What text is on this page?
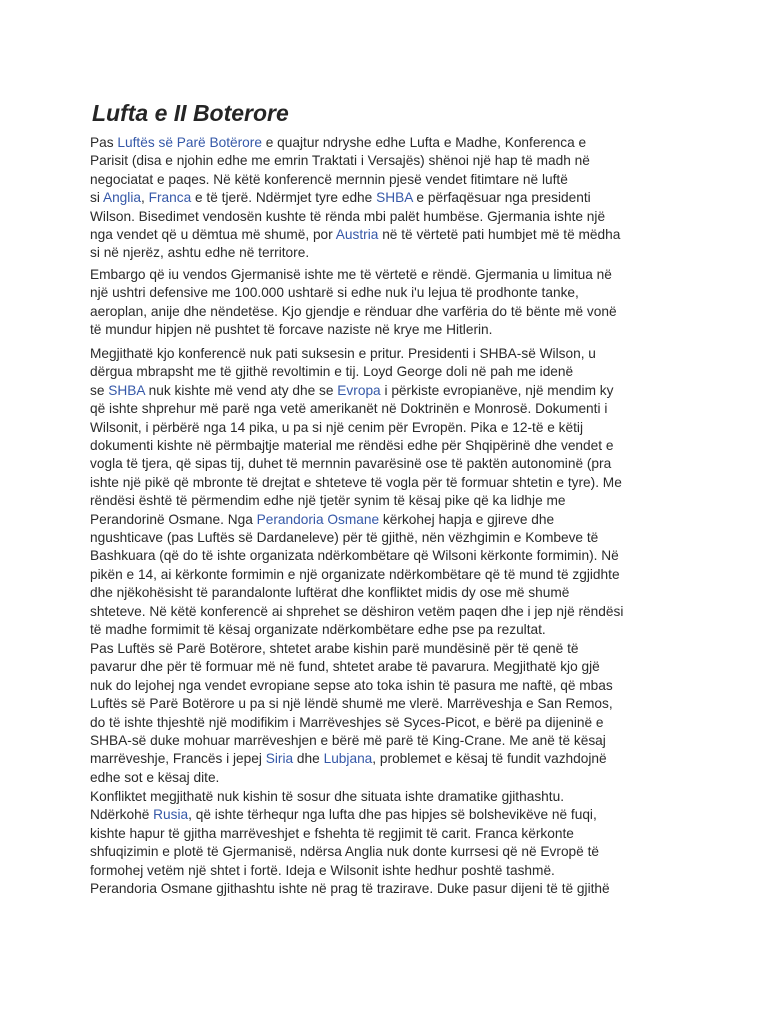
Lufta e II Boterore
Pas Luftës së Parë Botërore e quajtur ndryshe edhe Lufta e Madhe, Konferenca e
Parisit (disa e njohin edhe me emrin Traktati i Versajës) shënoi një hap të madh në
negociatat e paqes. Në këtë konferencë mernnin pjesë vendet fitimtare në luftë
si Anglia, Franca e të tjerë. Ndërmjet tyre edhe SHBA e përfaqësuar nga presidenti
Wilson. Bisedimet vendosën kushte të rënda mbi palët humbëse. Gjermania ishte një
nga vendet që u dëmtua më shumë, por Austria në të vërtetë pati humbjet më të mëdha
si në njerëz, ashtu edhe në territore.
Embargo që iu vendos Gjermanisë ishte me të vërtetë e rëndë. Gjermania u limitua në
një ushtri defensive me 100.000 ushtarë si edhe nuk i'u lejua të prodhonte tanke,
aeroplan, anije dhe nëndetëse. Kjo gjendje e rënduar dhe varfëria do të bënte më vonë
të mundur hipjen në pushtet të forcave naziste në krye me Hitlerin.
Megjithatë kjo konferencë nuk pati suksesin e pritur. Presidenti i SHBA-së Wilson, u
dërgua mbrapsht me të gjithë revoltimin e tij. Loyd George doli në pah me idenë
se SHBA nuk kishte më vend aty dhe se Evropa i përkiste evropianëve, një mendim ky
që ishte shprehur më parë nga vetë amerikanët në Doktrinën e Monrosë. Dokumenti i
Wilsonit, i përbërë nga 14 pika, u pa si një cenim për Evropën. Pika e 12-të e këtij
dokumenti kishte në përmbajtje material me rëndësi edhe për Shqipërinë dhe vendet e
vogla të tjera, që sipas tij, duhet të mernnin pavarësinë ose të paktën autonominë (pra
ishte një pikë që mbronte të drejtat e shteteve të vogla për të formuar shtetin e tyre). Me
rëndësi është të përmendim edhe një tjetër synim të kësaj pike që ka lidhje me
Perandorinë Osmane. Nga Perandoria Osmane kërkohej hapja e gjireve dhe
ngushticave (pas Luftës së Dardaneleve) për të gjithë, nën vëzhgimin e Kombeve të
Bashkuara (që do të ishte organizata ndërkombëtare që Wilsoni kërkonte formimin). Në
pikën e 14, ai kërkonte formimin e një organizate ndërkombëtare që të mund të zgjidhte
dhe njëkohësisht të parandalonte luftërat dhe konfliktet midis dy ose më shumë
shteteve. Në këtë konferencë ai shprehet se dëshiron vetëm paqen dhe i jep një rëndësi
të madhe formimit të kësaj organizate ndërkombëtare edhe pse pa rezultat.
Pas Luftës së Parë Botërore, shtetet arabe kishin parë mundësinë për të qenë të
pavarur dhe për të formuar më në fund, shtetet arabe të pavarura. Megjithatë kjo gjë
nuk do lejohej nga vendet evropiane sepse ato toka ishin të pasura me naftë, që mbas
Luftës së Parë Botërore u pa si një lëndë shumë me vlerë. Marrëveshja e San Remos,
do të ishte thjeshtë një modifikim i Marrëveshjes së Syces-Picot, e bërë pa dijeninë e
SHBA-së duke mohuar marrëveshjen e bërë më parë të King-Crane. Me anë të kësaj
marrëveshje, Francës i jepej Siria dhe Lubjana, problemet e kësaj të fundit vazhdojnë
edhe sot e kësaj dite.
Konfliktet megjithatë nuk kishin të sosur dhe situata ishte dramatike gjithashtu.
Ndërkohë Rusia, që ishte tërhequr nga lufta dhe pas hipjes së bolshevikëve në fuqi,
kishte hapur të gjitha marrëveshjet e fshehta të regjimit të carit. Franca kërkonte
shfuqizimin e plotë të Gjermanisë, ndërsa Anglia nuk donte kurrsesi që në Evropë të
formohej vetëm një shtet i fortë. Ideja e Wilsonit ishte hedhur poshtë tashmë.
Perandoria Osmane gjithashtu ishte në prag të trazirave. Duke pasur dijeni të të gjithë
